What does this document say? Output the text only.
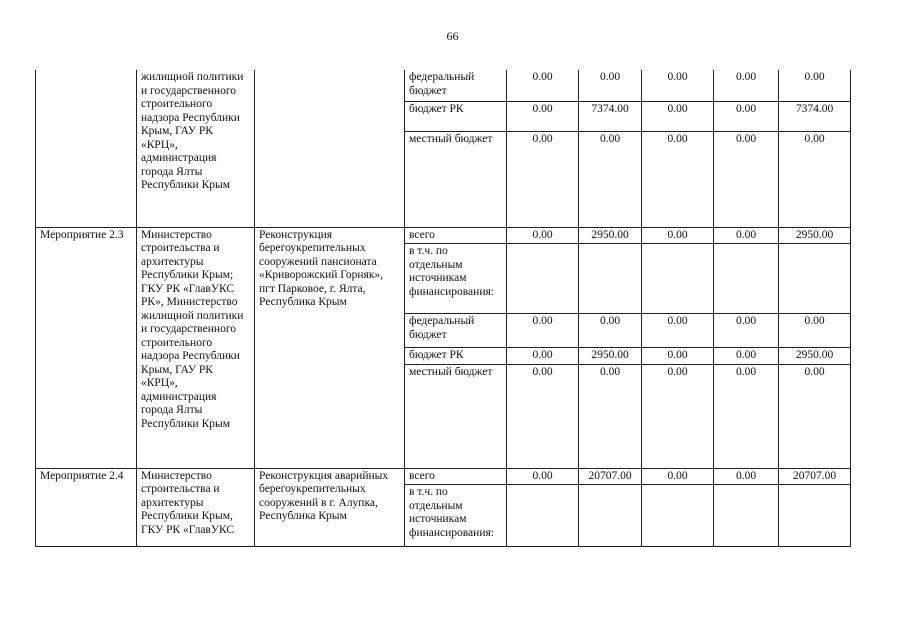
66
	жилищной политики и государственного строительного надзора Республики Крым, ГАУ РК «КРЦ», администрация города Ялты Республики Крым		федеральный бюджет	0.00	0.00	0.00	0.00	0.00
			бюджет РК	0.00	7374.00	0.00	0.00	7374.00
			местный бюджет	0.00	0.00	0.00	0.00	0.00
Мероприятие 2.3	Министерство строительства и архитектуры Республики Крым; ГКУ РК «ГлавУКС РК», Министерство жилищной политики и государственного строительного надзора Республики Крым, ГАУ РК «КРЦ», администрация города Ялты Республики Крым	Реконструкция берегоукрепительных сооружений пансионата «Криворожский Горняк», пгт Парковое, г. Ялта, Республика Крым	всего	0.00	2950.00	0.00	0.00	2950.00
			в т.ч. по отдельным источникам финансирования:					
			федеральный бюджет	0.00	0.00	0.00	0.00	0.00
			бюджет РК	0.00	2950.00	0.00	0.00	2950.00
			местный бюджет	0.00	0.00	0.00	0.00	0.00
Мероприятие 2.4	Министерство строительства и архитектуры Республики Крым, ГКУ РК «ГлавУКС	Реконструкция аварийных берегоукрепительных сооружений в г. Алупка, Республика Крым	всего	0.00	20707.00	0.00	0.00	20707.00
			в т.ч. по отдельным источникам финансирования:					
